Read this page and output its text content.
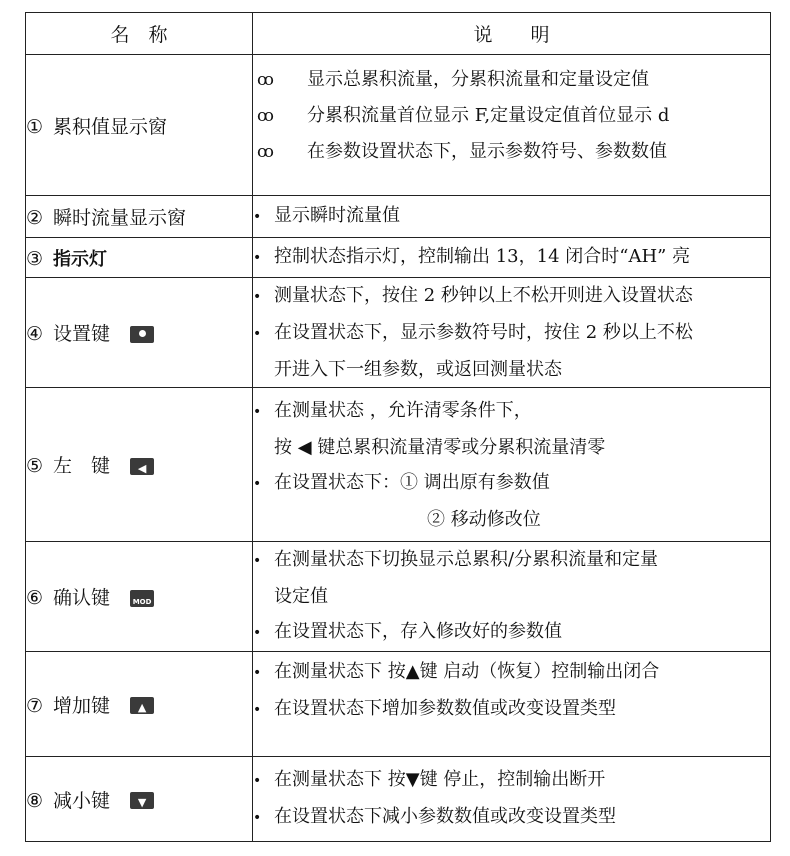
名　称	说　　明
① 累积值显示窗	ꝏ 显示总累积流量，分累积流量和定量设定值
ꝏ 分累积流量首位显示 F,定量设定值首位显示 d
ꝏ 在参数设置状态下，显示参数符号、参数数值

② 瞬时流量显示窗	• 显示瞬时流量值

③ 指示灯	• 控制状态指示灯，控制输出 13，14 闭合时“AH” 亮

④ 设置键	• 测量状态下，按住 2 秒钟以上不松开则进入设置状态
• 在设置状态下，显示参数符号时，按住 2 秒以上不松
开进入下一组参数，或返回测量状态

⑤ 左　键 ◀	• 在测量状态 ，允许清零条件下，
按 ◀ 键总累积流量清零或分累积流量清零
• 在设置状态下：① 调出原有参数值
② 移动修改位

⑥ 确认键 MOD	• 在测量状态下切换显示总累积/分累积流量和定量
设定值
• 在设置状态下，存入修改好的参数值

⑦ 增加键 ▲	• 在测量状态下 按▲键 启动（恢复）控制输出闭合
• 在设置状态下增加参数数值或改变设置类型

⑧ 减小键 ▼	• 在测量状态下 按▼键 停止，控制输出断开
• 在设置状态下减小参数数值或改变设置类型
